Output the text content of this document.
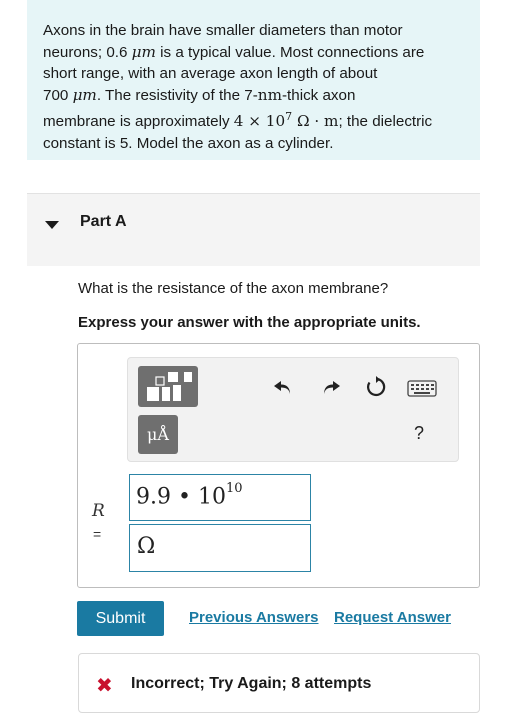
Axons in the brain have smaller diameters than motor
neurons; 0.6 μm is a typical value. Most connections are
short range, with an average axon length of about
700 μm. The resistivity of the 7-nm-thick axon
membrane is approximately $4 \times 10^7$ Ω · m; the dielectric
constant is 5. Model the axon as a cylinder.
Part A
What is the resistance of the axon membrane?
Express your answer with the appropriate units.
μÅ	?
R
=
9.9 • $10^{10}$
Ω
Submit	Previous Answers Request Answer
✖ Incorrect; Try Again; 8 attempts
